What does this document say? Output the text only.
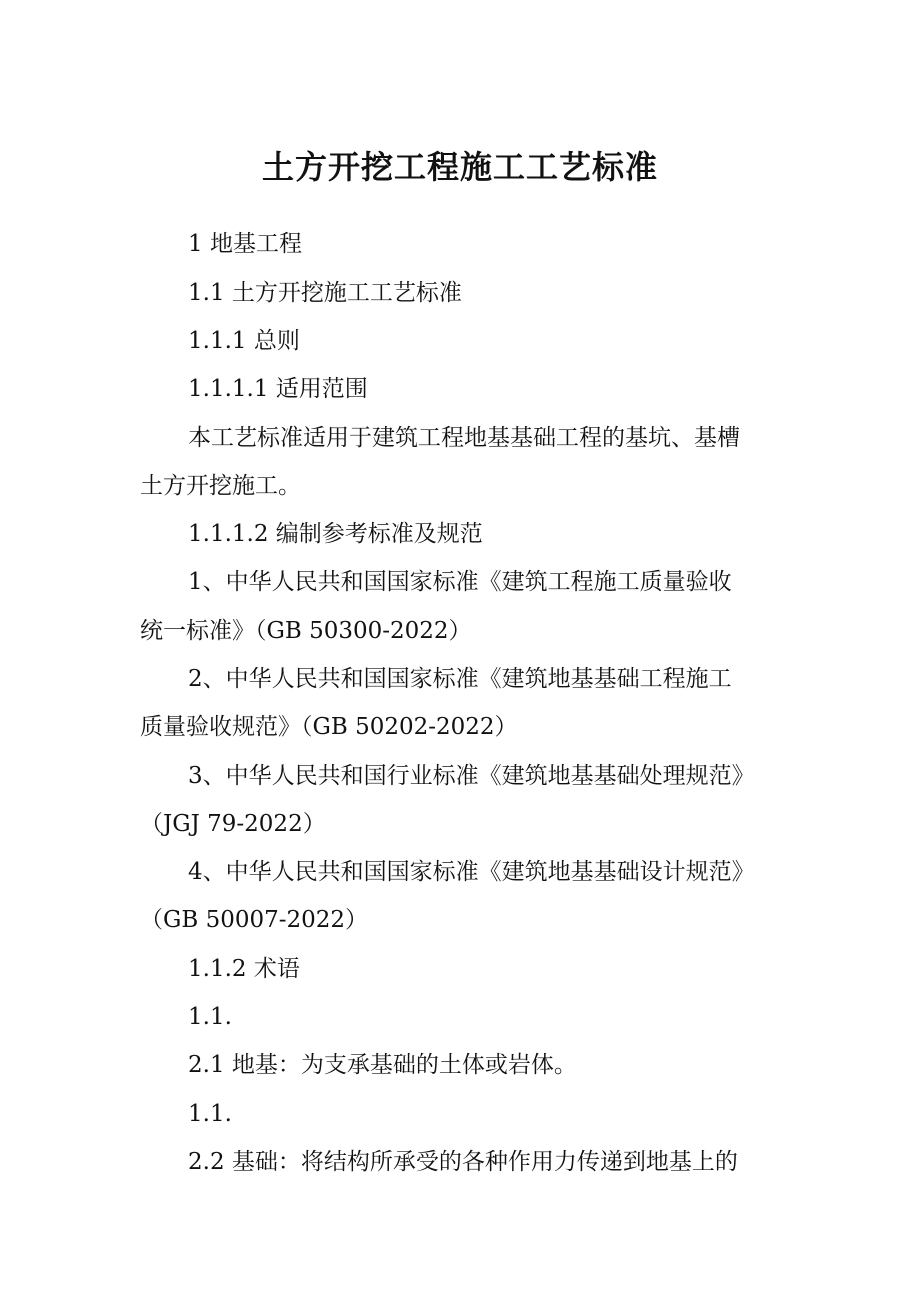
土方开挖工程施工工艺标准

1 地基工程

1.1 土方开挖施工工艺标准

1.1.1 总则

1.1.1.1 适用范围

本工艺标准适用于建筑工程地基基础工程的基坑、基槽

土方开挖施工。

1.1.1.2 编制参考标准及规范

1、中华人民共和国国家标准《建筑工程施工质量验收

统一标准》（GB 50300-2022）

2、中华人民共和国国家标准《建筑地基基础工程施工

质量验收规范》（GB 50202-2022）

3、中华人民共和国行业标准《建筑地基基础处理规范》

（JGJ 79-2022）

4、中华人民共和国国家标准《建筑地基基础设计规范》

（GB 50007-2022）

1.1.2 术语

1.1.

2.1 地基：为支承基础的土体或岩体。

1.1.

2.2 基础：将结构所承受的各种作用力传递到地基上的
